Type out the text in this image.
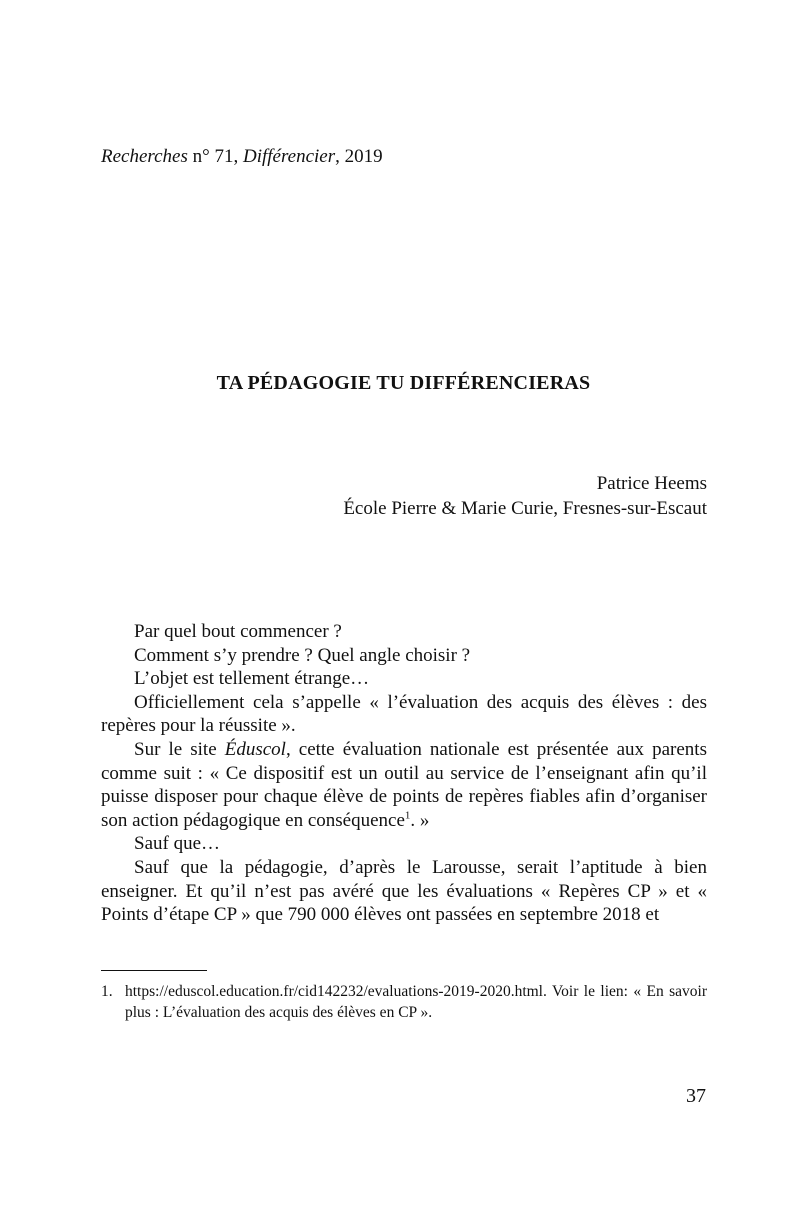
Recherches n° 71, Différencier, 2019
TA PÉDAGOGIE TU DIFFÉRENCIERAS
Patrice Heems
École Pierre & Marie Curie, Fresnes-sur-Escaut

Par quel bout commencer ?

Comment s’y prendre ? Quel angle choisir ?

L’objet est tellement étrange…

Officiellement cela s’appelle « l’évaluation des acquis des élèves : des repères pour la réussite ».

Sur le site Éduscol, cette évaluation nationale est présentée aux parents comme suit : « Ce dispositif est un outil au service de l’enseignant afin qu’il puisse disposer pour chaque élève de points de repères fiables afin d’organiser son action pédagogique en conséquence$^1$. »

Sauf que…

Sauf que la pédagogie, d’après le Larousse, serait l’aptitude à bien enseigner. Et qu’il n’est pas avéré que les évaluations « Repères CP » et « Points d’étape CP » que 790 000 élèves ont passées en septembre 2018 et

1. https://eduscol.education.fr/cid142232/evaluations-2019-2020.html. Voir le lien: « En savoir plus : L’évaluation des acquis des élèves en CP ».
37
